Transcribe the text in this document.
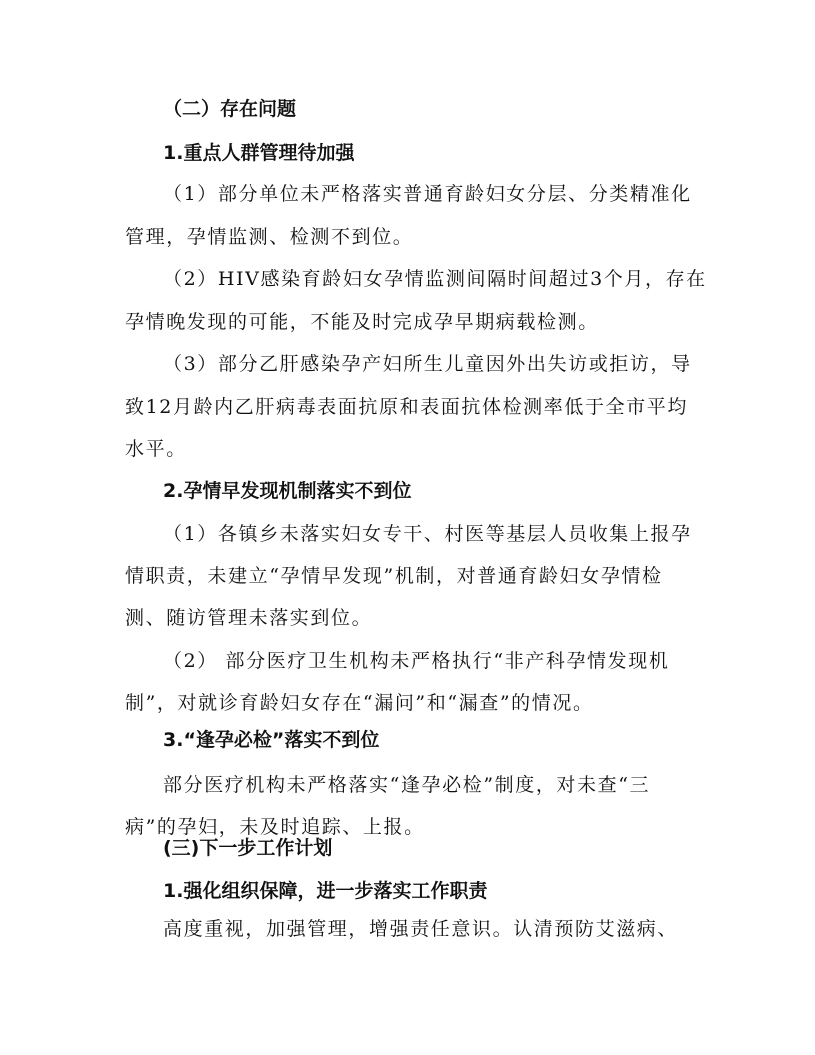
（二）存在问题
1.重点人群管理待加强
（1）部分单位未严格落实普通育龄妇女分层、分类精准化
管理，孕情监测、检测不到位。
（2）HIV感染育龄妇女孕情监测间隔时间超过3个月，存在
孕情晚发现的可能，不能及时完成孕早期病载检测。
（3）部分乙肝感染孕产妇所生儿童因外出失访或拒访，导
致12月龄内乙肝病毒表面抗原和表面抗体检测率低于全市平均
水平。
2.孕情早发现机制落实不到位
（1）各镇乡未落实妇女专干、村医等基层人员收集上报孕
情职责，未建立“孕情早发现”机制，对普通育龄妇女孕情检
测、随访管理未落实到位。
（2） 部分医疗卫生机构未严格执行“非产科孕情发现机
制”，对就诊育龄妇女存在“漏问”和“漏查”的情况。
3.“逢孕必检”落实不到位
部分医疗机构未严格落实“逢孕必检”制度，对未查“三
病”的孕妇，未及时追踪、上报。
(三)下一步工作计划
1.强化组织保障，进一步落实工作职责
高度重视，加强管理，增强责任意识。认清预防艾滋病、
